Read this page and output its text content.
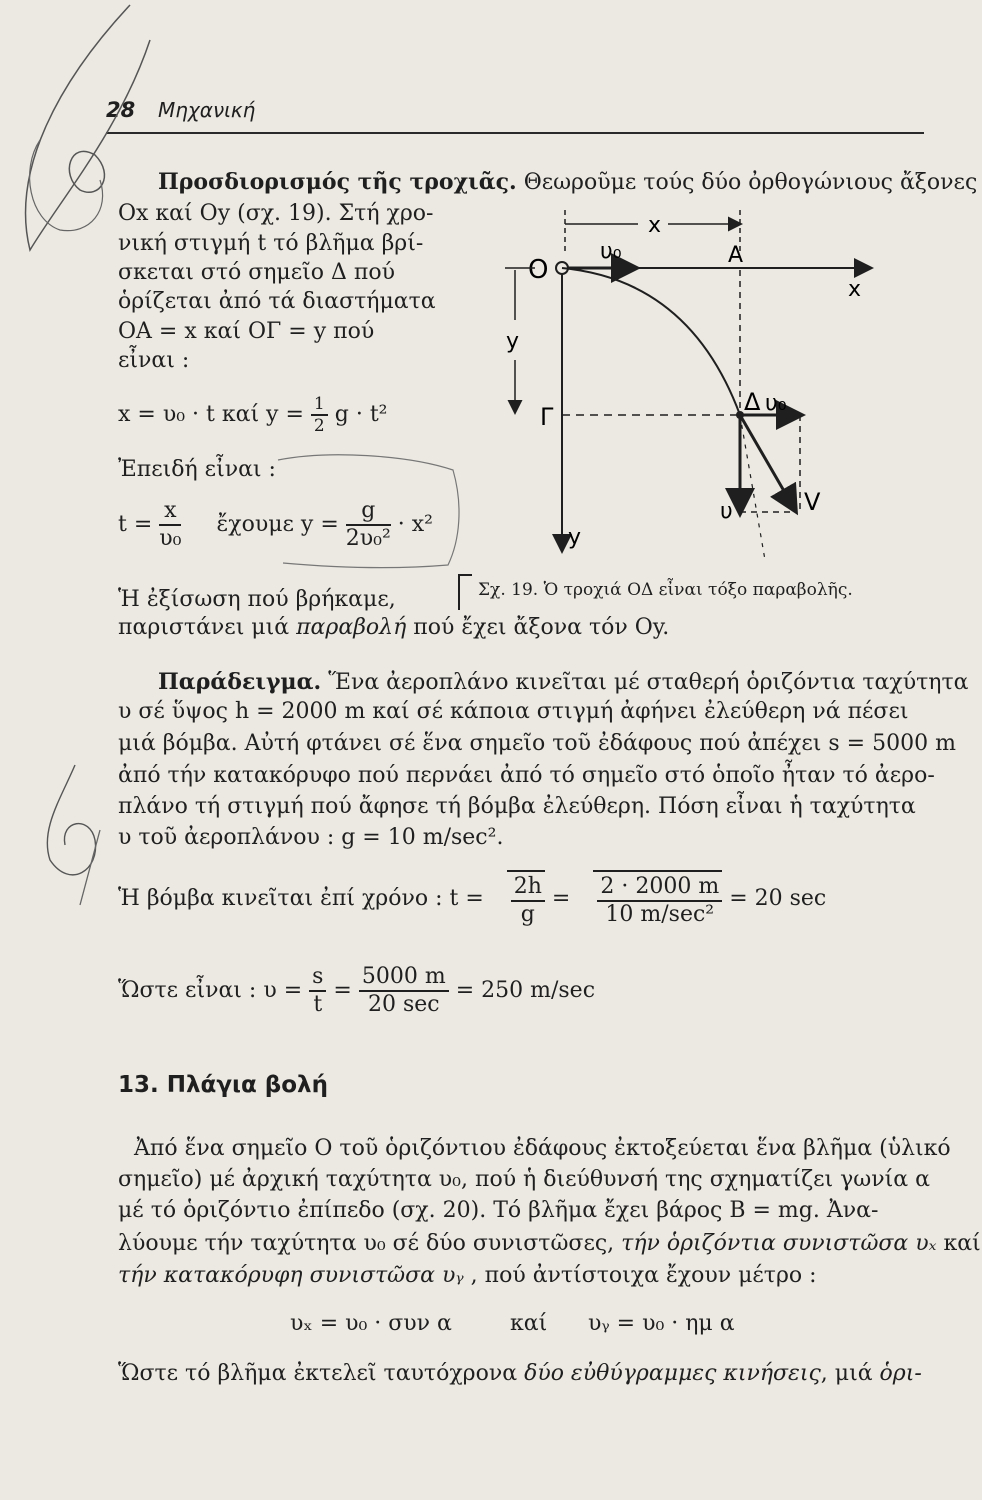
28 Μηχανική
Προσδιορισμός τῆς τροχιᾶς. Θεωροῦμε τούς δύο ὀρθογώνιους ἄξονες
Ox καί Oy (σχ. 19). Στή χρο-
νική στιγμή t τό βλῆμα βρί-
σκεται στό σημεῖο Δ πού
ὁρίζεται ἀπό τά διαστήματα
ΟΑ = x καί ΟΓ = y πού
εἶναι :
x = υ₀ · t καί $y = \frac{1}{2}$ g · t²
Ἐπειδή εἶναι :
$t = \frac{x}{\text{υ₀}}$ ἔχουμε $y = \frac{g}{\text{2υ₀²}} \cdot x^2$
Ἡ ἐξίσωση πού βρήκαμε,
παριστάνει μιά παραβολή πού ἔχει ἄξονα τόν Oy.
x
x
y
O
υ₀	A
y
Γ
Δ υ₀
υ	V
Σχ. 19. Ὁ τροχιά ΟΔ εἶναι τόξο παραβολῆς.
Παράδειγμα. Ἕνα ἀεροπλάνο κινεῖται μέ σταθερή ὁριζόντια ταχύτητα
υ σέ ὕψος h = 2000 m καί σέ κάποια στιγμή ἀφήνει ἐλεύθερη νά πέσει
μιά βόμβα. Αὐτή φτάνει σέ ἕνα σημεῖο τοῦ ἐδάφους πού ἀπέχει s = 5000 m
ἀπό τήν κατακόρυφο πού περνάει ἀπό τό σημεῖο στό ὁποῖο ἦταν τό ἀερο-
πλάνο τή στιγμή πού ἄφησε τή βόμβα ἐλεύθερη. Πόση εἶναι ἡ ταχύτητα
υ τοῦ ἀεροπλάνου : g = 10 m/sec².
Ἡ βόμβα κινεῖται ἐπί χρόνο : $t = \frac{2h}{g} = \frac{2 \cdot 2000 m}{\text{10 m/sec²}} = 20$ sec
Ὥστε εἶναι : $\upsilon = \frac{s}{t} = \frac{5000 m}{20 \sec} = 250$ m/sec
13. Πλάγια βολή
Ἀπό ἕνα σημεῖο Ο τοῦ ὁριζόντιου ἐδάφους ἐκτοξεύεται ἕνα βλῆμα (ὑλικό
σημεῖο) μέ ἀρχική ταχύτητα υ₀, πού ἡ διεύθυνσή της σχηματίζει γωνία α
μέ τό ὁριζόντιο ἐπίπεδο (σχ. 20). Τό βλῆμα ἔχει βάρος B = mg. Ἀνα-
λύουμε τήν ταχύτητα υ₀ σέ δύο συνιστῶσες, τήν ὁριζόντια συνιστῶσα υₓ καί
τήν κατακόρυφη συνιστῶσα υᵧ , πού ἀντίστοιχα ἔχουν μέτρο :
υₓ = υ₀ · συν α	καί υᵧ = υ₀ · ημ α
Ὥστε τό βλῆμα ἐκτελεῖ ταυτόχρονα δύο εὐθύγραμμες κινήσεις, μιά ὁρι-
